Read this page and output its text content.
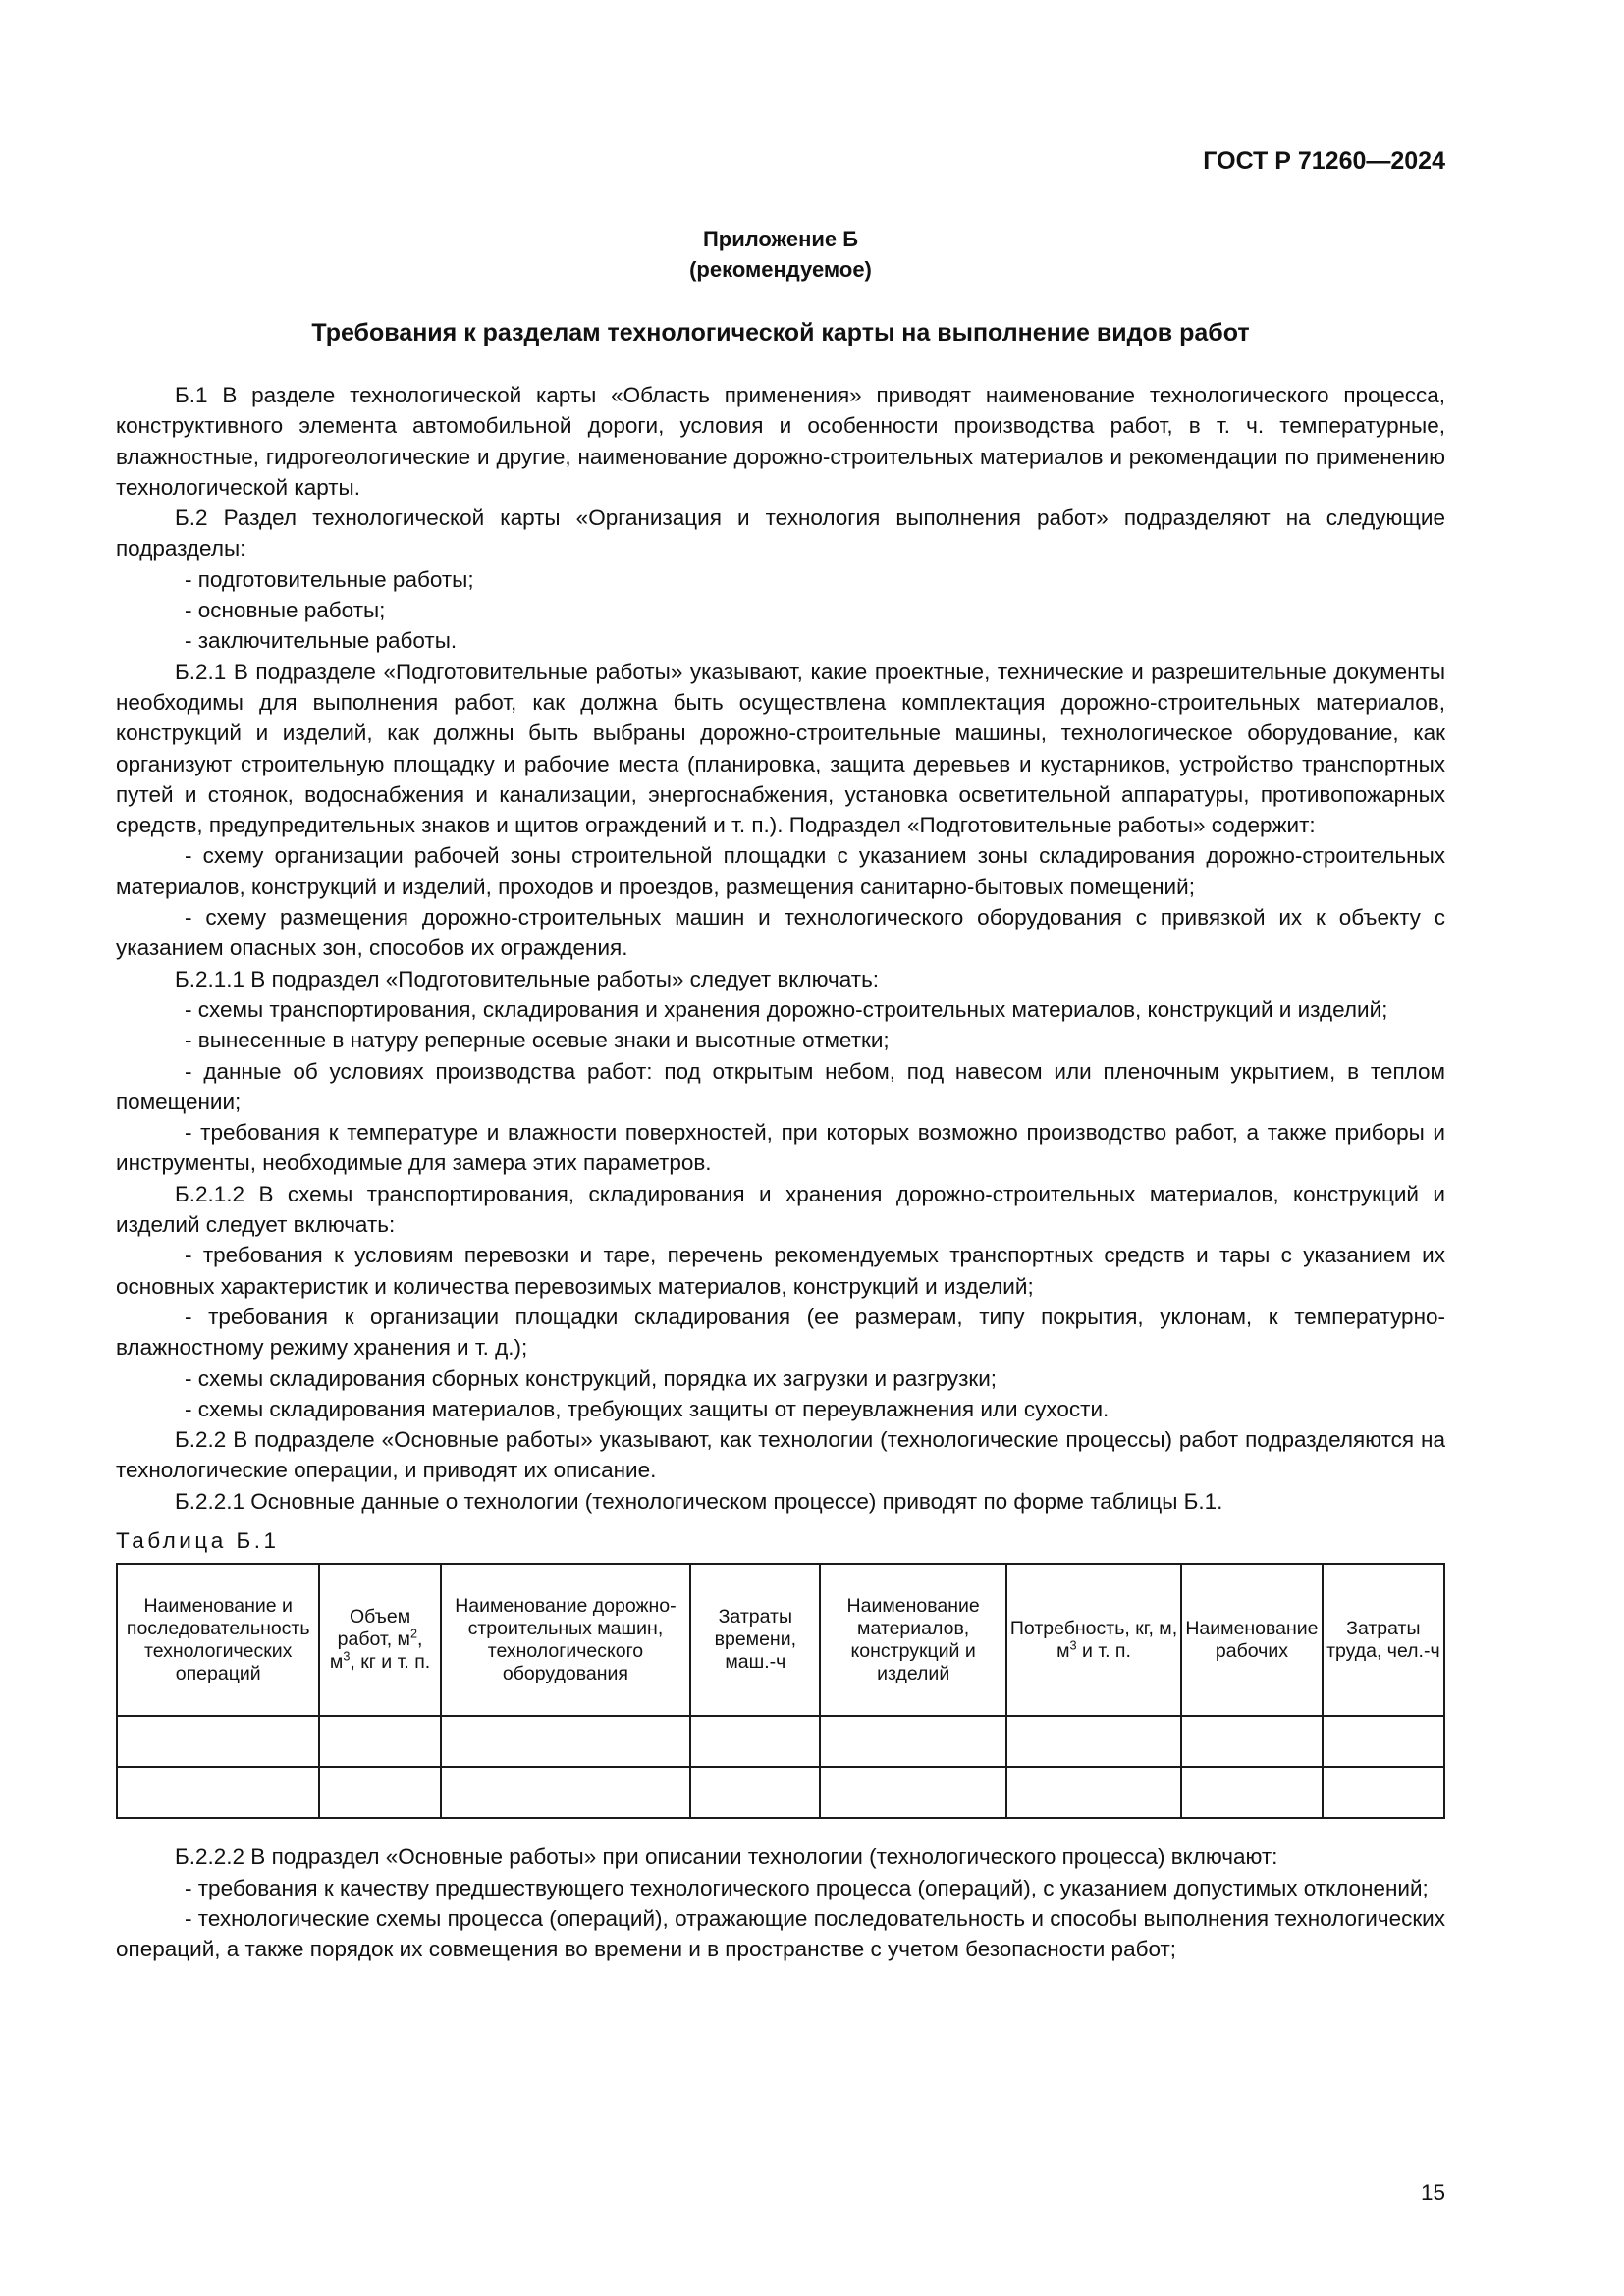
ГОСТ Р 71260—2024
Приложение Б
(рекомендуемое)
Требования к разделам технологической карты на выполнение видов работ

Б.1 В разделе технологической карты «Область применения» приводят наименование технологического процесса, конструктивного элемента автомобильной дороги, условия и особенности производства работ, в т. ч. температурные, влажностные, гидрогеологические и другие, наименование дорожно-строительных материалов и рекомендации по применению технологической карты.

Б.2 Раздел технологической карты «Организация и технология выполнения работ» подразделяют на следующие подразделы:

- подготовительные работы;

- основные работы;

- заключительные работы.

Б.2.1 В подразделе «Подготовительные работы» указывают, какие проектные, технические и разрешительные документы необходимы для выполнения работ, как должна быть осуществлена комплектация дорожно-строительных материалов, конструкций и изделий, как должны быть выбраны дорожно-строительные машины, технологическое оборудование, как организуют строительную площадку и рабочие места (планировка, защита деревьев и кустарников, устройство транспортных путей и стоянок, водоснабжения и канализации, энергоснабжения, установка осветительной аппаратуры, противопожарных средств, предупредительных знаков и щитов ограждений и т. п.). Подраздел «Подготовительные работы» содержит:

- схему организации рабочей зоны строительной площадки с указанием зоны складирования дорожно-строительных материалов, конструкций и изделий, проходов и проездов, размещения санитарно-бытовых помещений;

- схему размещения дорожно-строительных машин и технологического оборудования с привязкой их к объекту с указанием опасных зон, способов их ограждения.

Б.2.1.1 В подраздел «Подготовительные работы» следует включать:

- схемы транспортирования, складирования и хранения дорожно-строительных материалов, конструкций и изделий;

- вынесенные в натуру реперные осевые знаки и высотные отметки;

- данные об условиях производства работ: под открытым небом, под навесом или пленочным укрытием, в теплом помещении;

- требования к температуре и влажности поверхностей, при которых возможно производство работ, а также приборы и инструменты, необходимые для замера этих параметров.

Б.2.1.2 В схемы транспортирования, складирования и хранения дорожно-строительных материалов, конструкций и изделий следует включать:

- требования к условиям перевозки и таре, перечень рекомендуемых транспортных средств и тары с указанием их основных характеристик и количества перевозимых материалов, конструкций и изделий;

- требования к организации площадки складирования (ее размерам, типу покрытия, уклонам, к температурно-влажностному режиму хранения и т. д.);

- схемы складирования сборных конструкций, порядка их загрузки и разгрузки;

- схемы складирования материалов, требующих защиты от переувлажнения или сухости.

Б.2.2 В подразделе «Основные работы» указывают, как технологии (технологические процессы) работ подразделяются на технологические операции, и приводят их описание.

Б.2.2.1 Основные данные о технологии (технологическом процессе) приводят по форме таблицы Б.1.

Таблица Б.1

Наименование и последовательность технологических операций	Объем работ, $м^2$, $м^3$, кг и т. п.	Наименование дорожно-строительных машин, технологического оборудования	Затраты времени, маш.-ч	Наименование материалов, конструкций и изделий	Потребность, кг, м, $м^3$ и т. п.	Наименование рабочих	Затраты труда, чел.-ч

Б.2.2.2 В подраздел «Основные работы» при описании технологии (технологического процесса) включают:

- требования к качеству предшествующего технологического процесса (операций), с указанием допустимых отклонений;

- технологические схемы процесса (операций), отражающие последовательность и способы выполнения технологических операций, а также порядок их совмещения во времени и в пространстве с учетом безопасности работ;

15
